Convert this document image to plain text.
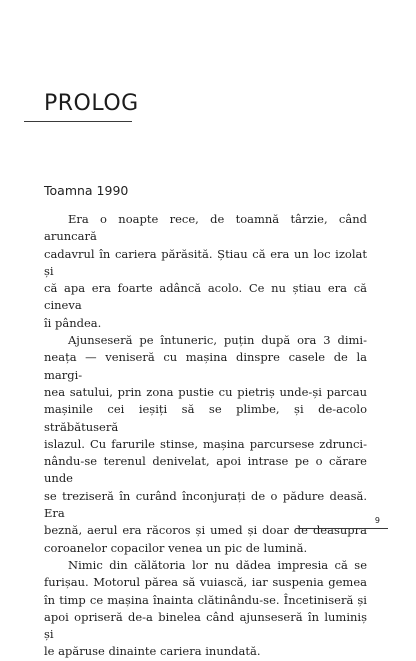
PROLOG

Toamna 1990

Era o noapte rece, de toamnă târzie, când aruncară
cadavrul în cariera părăsită. Știau că era un loc izolat și
că apa era foarte adâncă acolo. Ce nu știau era că cineva
îi pândea.

Ajunseseră pe întuneric, puțin după ora 3 dimi-
neața — veniseră cu mașina dinspre casele de la margi-
nea satului, prin zona pustie cu pietriș unde-și parcau
mașinile cei ieșiți să se plimbe, și de-acolo străbătuseră
islazul. Cu farurile stinse, mașina parcursese zdrunci-
nându-se terenul denivelat, apoi intrase pe o cărare unde
se treziseră în curând înconjurați de o pădure deasă. Era
beznă, aerul era răcoros și umed și doar de deasupra
coroanelor copacilor venea un pic de lumină.

Nimic din călătoria lor nu dădea impresia că se
furișau. Motorul părea să vuiască, iar suspenia gemea
în timp ce mașina înainta clătinându-se. Încetiniseră și
apoi opriseră de-a binelea când ajunseseră în luminiș și
le apăruse dinainte cariera inundată.

9
